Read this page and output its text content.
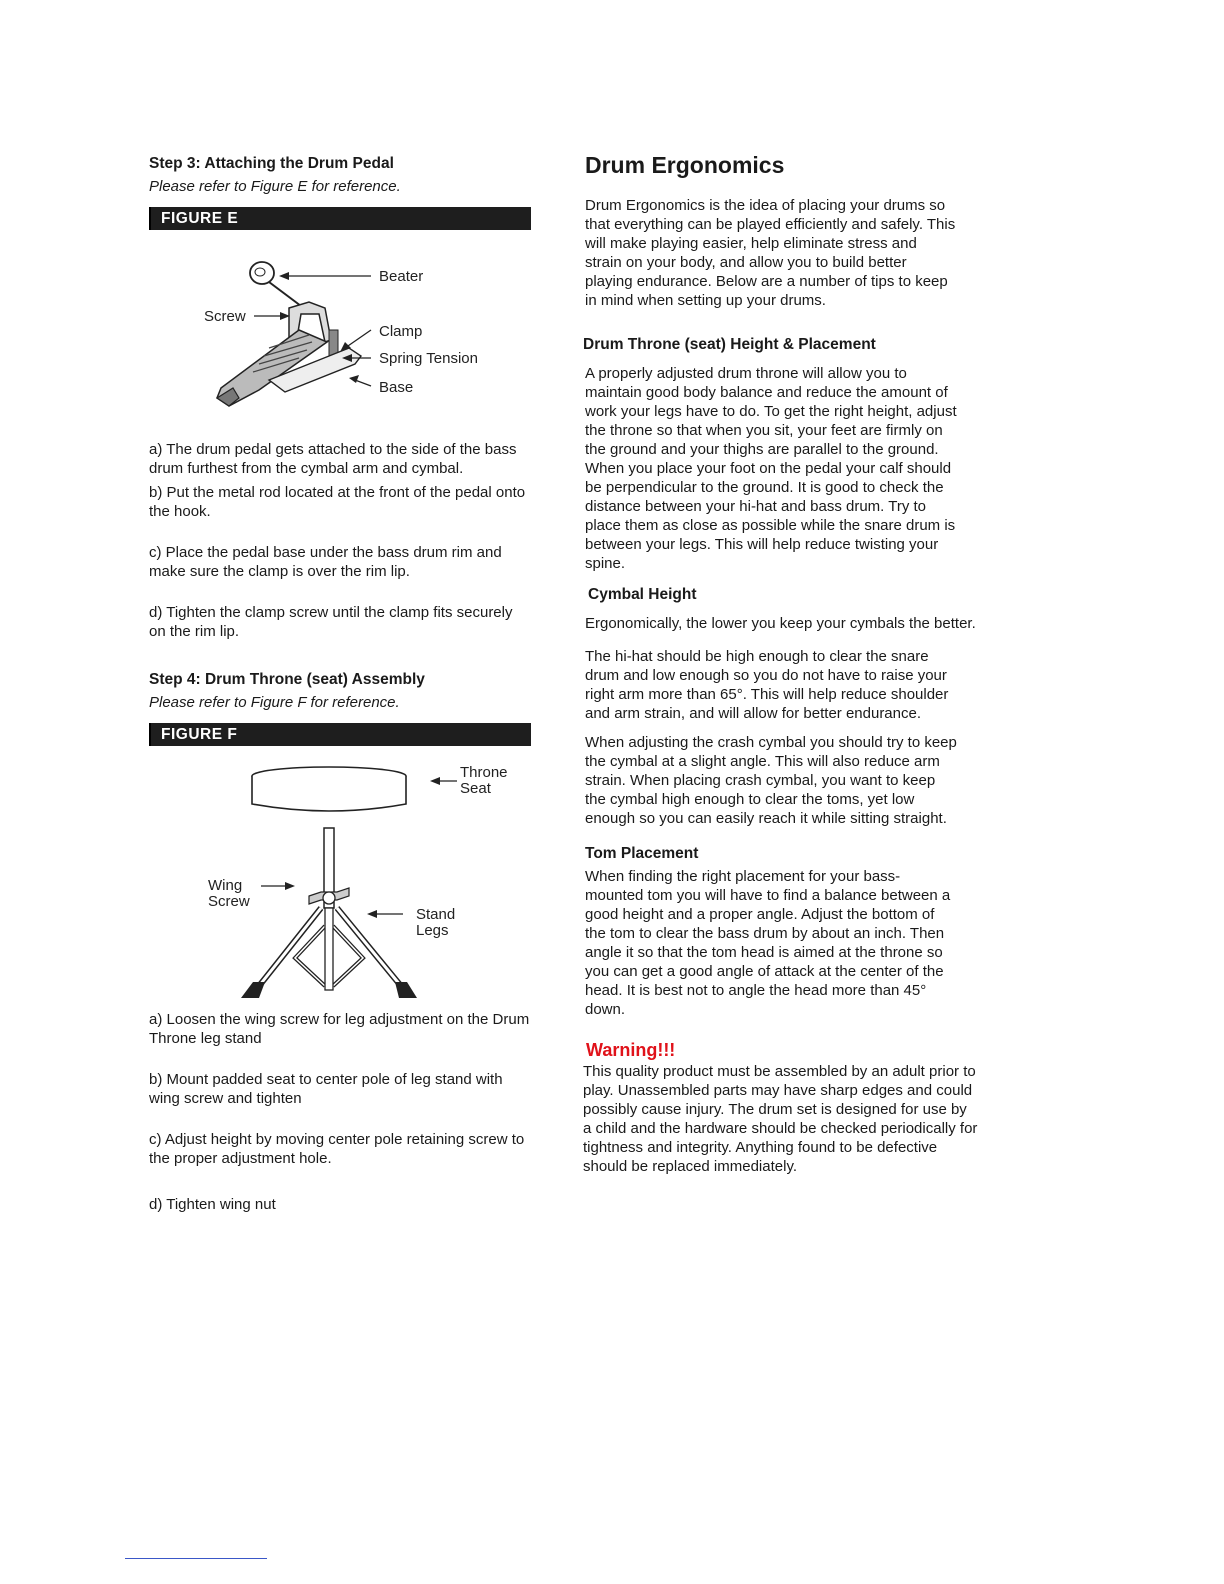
Step 3: Attaching the Drum Pedal

Please refer to Figure E for reference.

FIGURE E
Beater
Screw
Clamp
Spring Tension
Base

a) The drum pedal gets attached to the side of the bass drum furthest from the cymbal arm and cymbal.

b) Put the metal rod located at the front of the pedal onto the hook.

c) Place the pedal base under the bass drum rim and make sure the clamp is over the rim lip.

d) Tighten the clamp screw until the clamp fits securely on the rim lip.

Step 4: Drum Throne (seat) Assembly

Please refer to Figure F for reference.

FIGURE F
Throne
Seat
Wing
Screw
Stand
Legs

a) Loosen the wing screw for leg adjustment on the Drum Throne leg stand

b) Mount padded seat to center pole of leg stand with wing screw and tighten

c) Adjust height by moving center pole retaining screw to the proper adjustment hole.

d) Tighten wing nut

Drum Ergonomics

Drum Ergonomics is the idea of placing your drums so that everything can be played efficiently and safely. This will make playing easier, help eliminate stress and strain on your body, and allow you to build better playing endurance. Below are a number of tips to keep in mind when setting up your drums.

Drum Throne (seat) Height & Placement

A properly adjusted drum throne will allow you to maintain good body balance and reduce the amount of work your legs have to do. To get the right height, adjust the throne so that when you sit, your feet are firmly on the ground and your thighs are parallel to the ground. When you place your foot on the pedal your calf should be perpendicular to the ground. It is good to check the distance between your hi-hat and bass drum. Try to place them as close as possible while the snare drum is between your legs. This will help reduce twisting your spine.

Cymbal Height

Ergonomically, the lower you keep your cymbals the better.

The hi-hat should be high enough to clear the snare drum and low enough so you do not have to raise your right arm more than 65°. This will help reduce shoulder and arm strain, and will allow for better endurance.

When adjusting the crash cymbal you should try to keep the cymbal at a slight angle. This will also reduce arm strain. When placing crash cymbal, you want to keep the cymbal high enough to clear the toms, yet low enough so you can easily reach it while sitting straight.

Tom Placement

When finding the right placement for your bass-mounted tom you will have to find a balance between a good height and a proper angle. Adjust the bottom of the tom to clear the bass drum by about an inch. Then angle it so that the tom head is aimed at the throne so you can get a good angle of attack at the center of the head. It is best not to angle the head more than 45° down.

Warning!!!

This quality product must be assembled by an adult prior to play. Unassembled parts may have sharp edges and could possibly cause injury. The drum set is designed for use by a child and the hardware should be checked periodically for tightness and integrity. Anything found to be defective should be replaced immediately.
